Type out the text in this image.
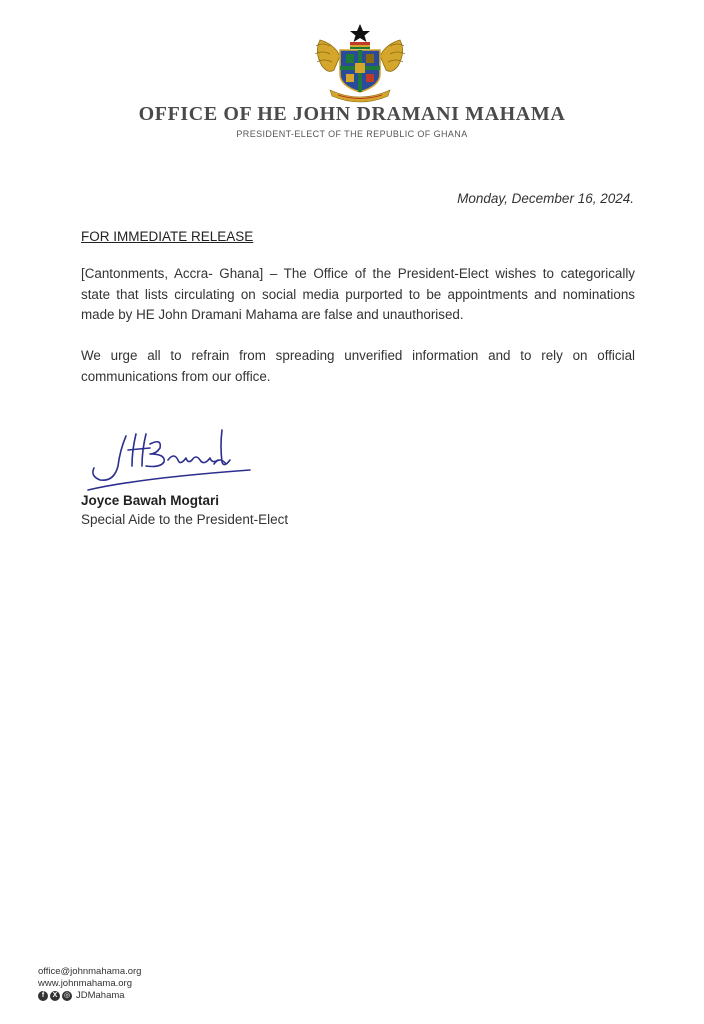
OFFICE OF HE JOHN DRAMANI MAHAMA
PRESIDENT-ELECT OF THE REPUBLIC OF GHANA
Monday, December 16, 2024.
FOR IMMEDIATE RELEASE
[Cantonments, Accra- Ghana] – The Office of the President-Elect wishes to categorically state that lists circulating on social media purported to be appointments and nominations made by HE John Dramani Mahama are false and unauthorised.
We urge all to refrain from spreading unverified information and to rely on official communications from our office.
Joyce Bawah Mogtari
Special Aide to the President-Elect
office@johnmahama.org
www.johnmahama.org
f	X ◎ JDMahama
